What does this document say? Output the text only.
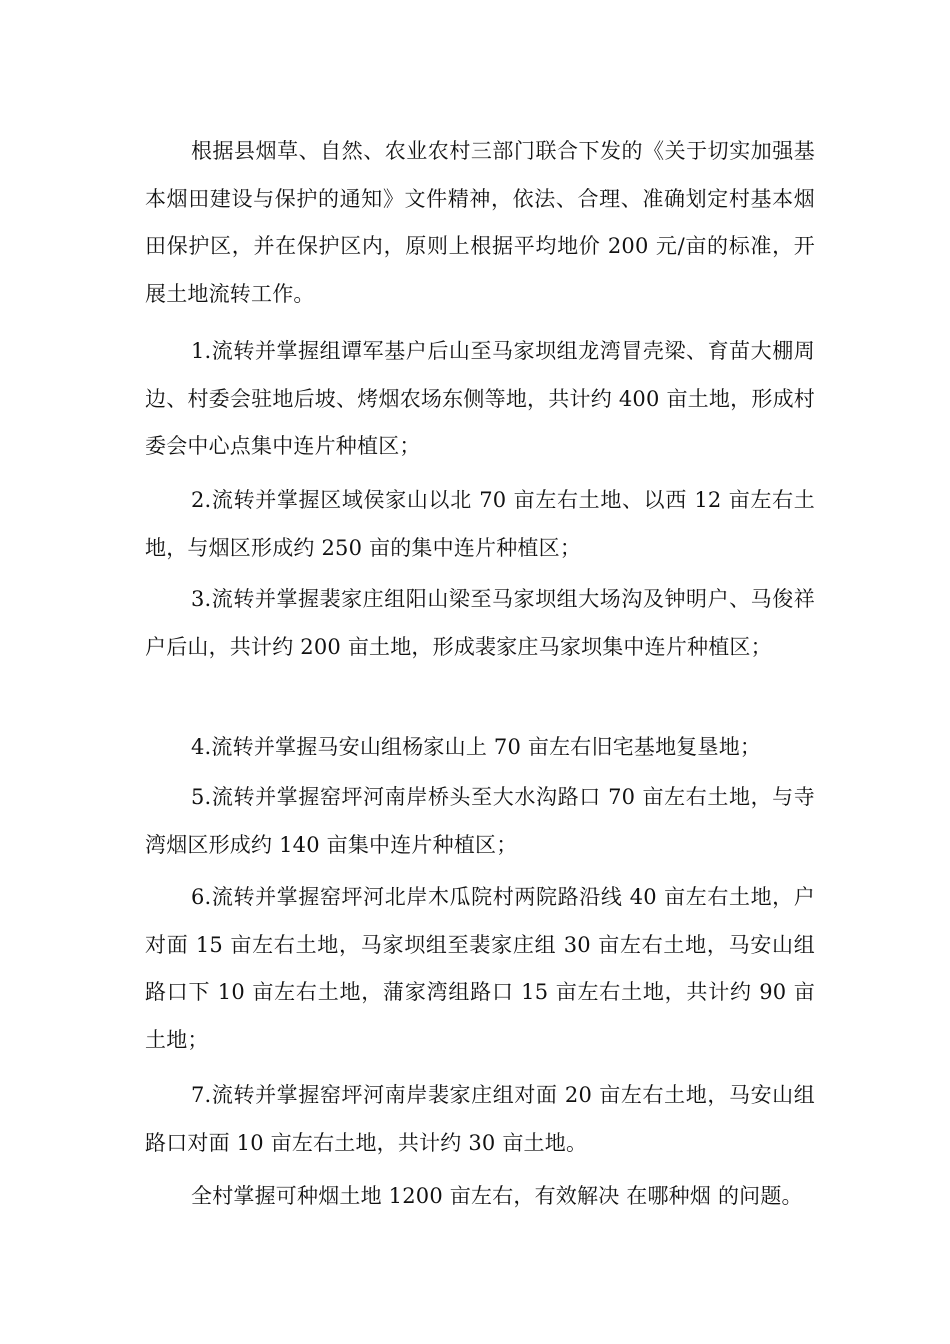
根据县烟草、自然、农业农村三部门联合下发的《关于切实加强基本烟田建设与保护的通知》文件精神，依法、合理、准确划定村基本烟田保护区，并在保护区内，原则上根据平均地价 200 元/亩的标准，开展土地流转工作。

1.流转并掌握组谭军基户后山至马家坝组龙湾冒壳梁、育苗大棚周边、村委会驻地后坡、烤烟农场东侧等地，共计约 400 亩土地，形成村委会中心点集中连片种植区；

2.流转并掌握区域侯家山以北 70 亩左右土地、以西 12 亩左右土地，与烟区形成约 250 亩的集中连片种植区；

3.流转并掌握裴家庄组阳山梁至马家坝组大场沟及钟明户、马俊祥户后山，共计约 200 亩土地，形成裴家庄马家坝集中连片种植区；

4.流转并掌握马安山组杨家山上 70 亩左右旧宅基地复垦地；

5.流转并掌握窑坪河南岸桥头至大水沟路口 70 亩左右土地，与寺湾烟区形成约 140 亩集中连片种植区；

6.流转并掌握窑坪河北岸木瓜院村两院路沿线 40 亩左右土地，户对面 15 亩左右土地，马家坝组至裴家庄组 30 亩左右土地，马安山组路口下 10 亩左右土地，蒲家湾组路口 15 亩左右土地，共计约 90 亩土地；

7.流转并掌握窑坪河南岸裴家庄组对面 20 亩左右土地，马安山组路口对面 10 亩左右土地，共计约 30 亩土地。

全村掌握可种烟土地 1200 亩左右，有效解决 在哪种烟 的问题。
